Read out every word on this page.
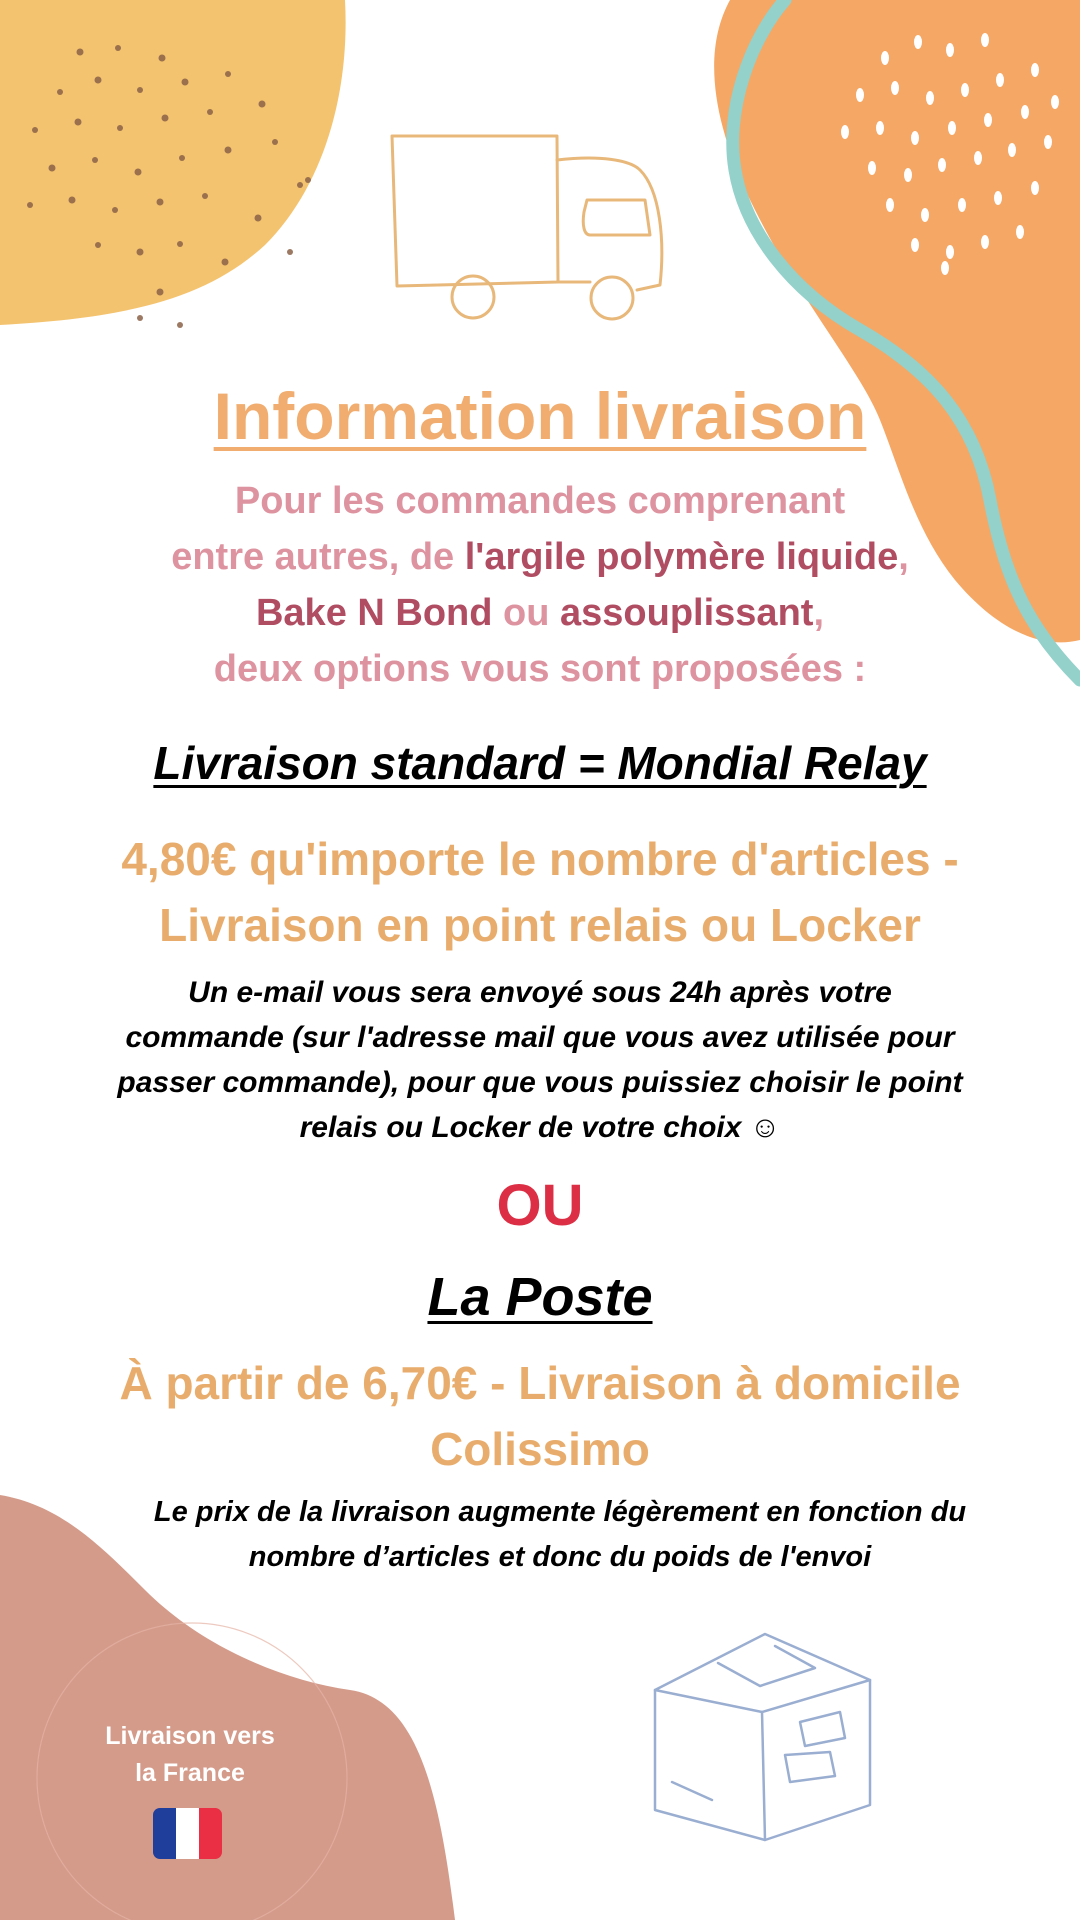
Information livraison
Pour les commandes comprenant
entre autres, de l'argile polymère liquide,
Bake N Bond ou assouplissant,
deux options vous sont proposées :
Livraison standard = Mondial Relay
4,80€ qu'importe le nombre d'articles -
Livraison en point relais ou Locker
Un e-mail vous sera envoyé sous 24h après votre
commande (sur l'adresse mail que vous avez utilisée pour
passer commande), pour que vous puissiez choisir le point
relais ou Locker de votre choix ☺
OU
La Poste
À partir de 6,70€ - Livraison à domicile
Colissimo
Le prix de la livraison augmente légèrement en fonction du
nombre d’articles et donc du poids de l'envoi
Livraison vers
la France
